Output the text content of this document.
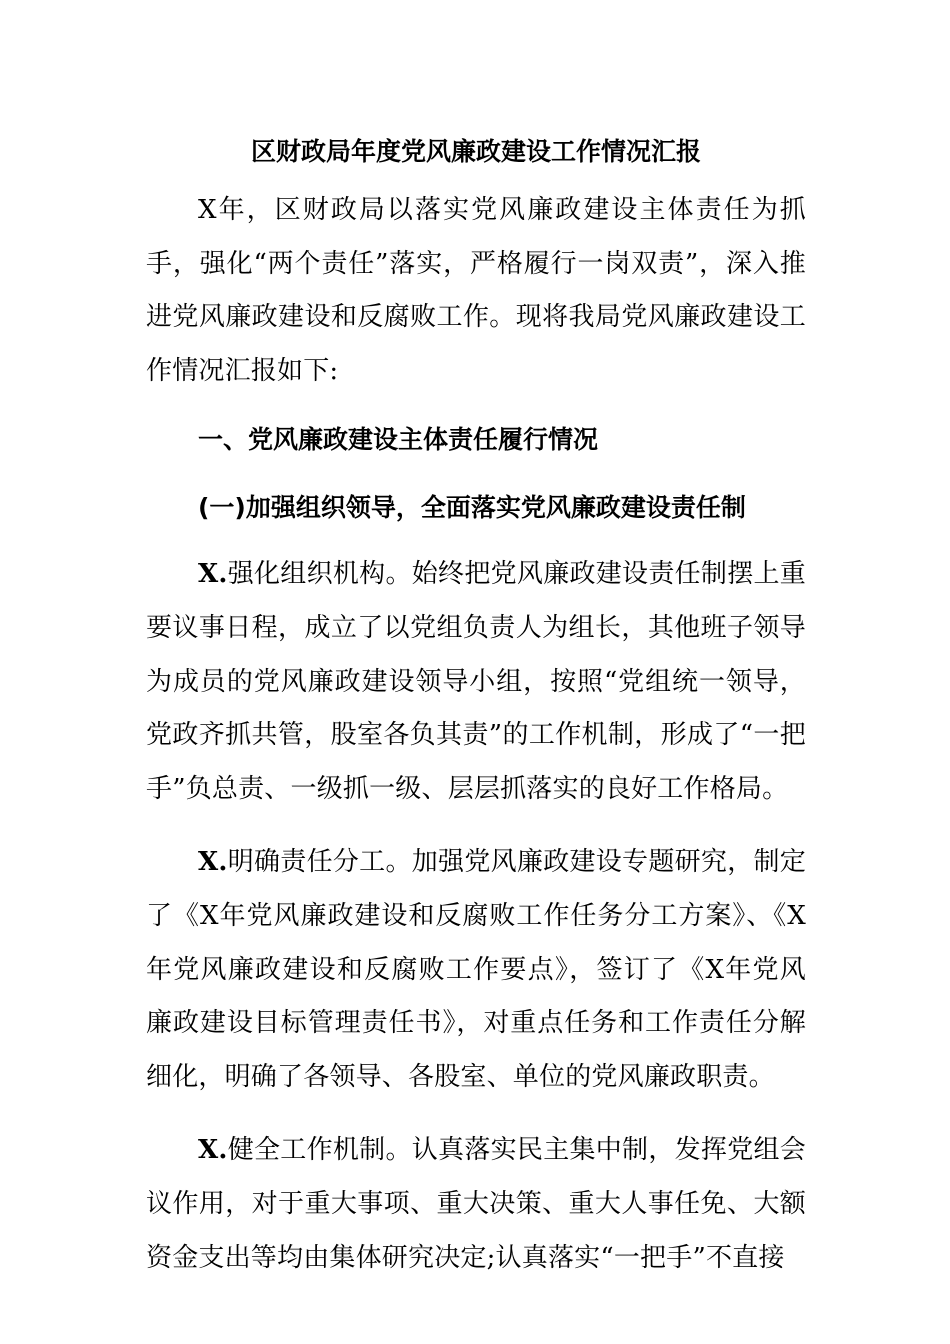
区财政局年度党风廉政建设工作情况汇报

X年，区财政局以落实党风廉政建设主体责任为抓手，强化“两个责任”落实，严格履行一岗双责”，深入推进党风廉政建设和反腐败工作。现将我局党风廉政建设工作情况汇报如下:

一、党风廉政建设主体责任履行情况
(一)加强组织领导，全面落实党风廉政建设责任制

X.强化组织机构。始终把党风廉政建设责任制摆上重要议事日程，成立了以党组负责人为组长，其他班子领导为成员的党风廉政建设领导小组，按照“党组统一领导，党政齐抓共管，股室各负其责”的工作机制，形成了“一把手”负总责、一级抓一级、层层抓落实的良好工作格局。

X.明确责任分工。加强党风廉政建设专题研究，制定了《X年党风廉政建设和反腐败工作任务分工方案》、《X年党风廉政建设和反腐败工作要点》，签订了《X年党风廉政建设目标管理责任书》，对重点任务和工作责任分解细化，明确了各领导、各股室、单位的党风廉政职责。

X.健全工作机制。认真落实民主集中制，发挥党组会议作用，对于重大事项、重大决策、重大人事任免、大额资金支出等均由集体研究决定;认真落实“一把手”不直接
